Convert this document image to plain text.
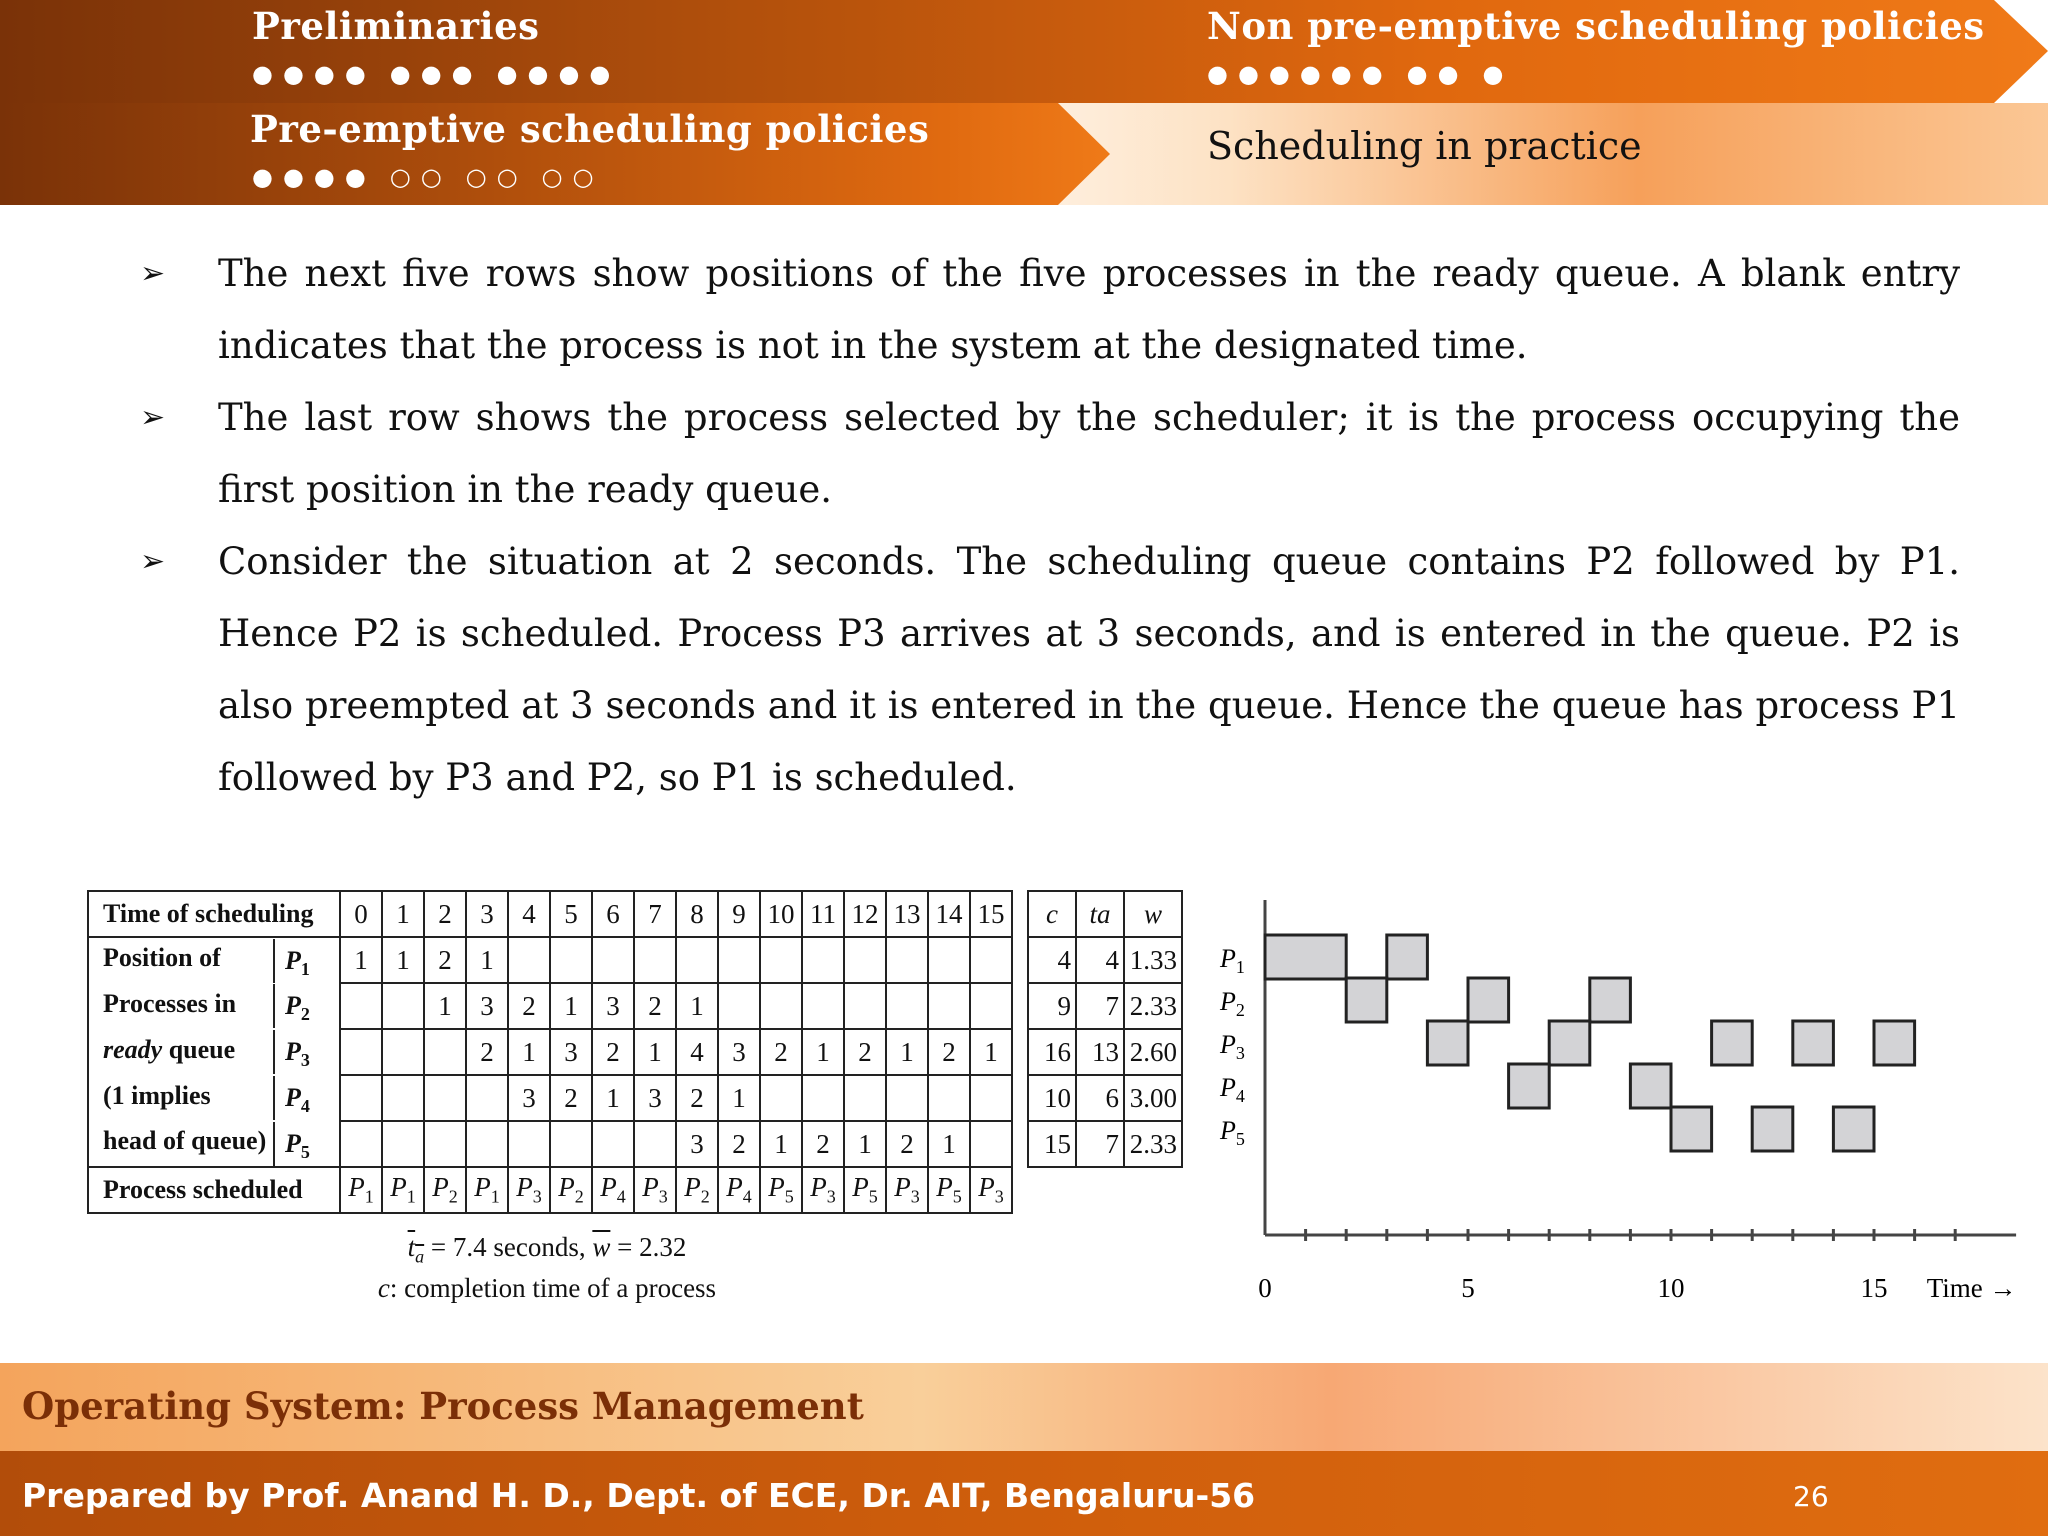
Preliminaries
●●●● ●●● ●●●●
Non pre-emptive scheduling policies
●●●●●● ●● ●
Pre-emptive scheduling policies
●●●● ○○ ○○ ○○
Scheduling in practice
➢ The next five rows show positions of the five processes in the ready queue. A blank entry indicates that the process is not in the system at the designated time.
➢ The last row shows the process selected by the scheduler; it is the process occupying the first position in the ready queue.
➢ Consider the situation at 2 seconds. The scheduling queue contains P2 followed by P1. Hence P2 is scheduled. Process P3 arrives at 3 seconds, and is entered in the queue. P2 is also preempted at 3 seconds and it is entered in the queue. Hence the queue has process P1 followed by P3 and P2, so P1 is scheduled.
Time of scheduling	0	1	2	3	4	5	6	7	8	9	10	11	12	13	14	15		c	ta	w
Position of $P_1$	1	1	2	1														4	4	1.33
Processes in $P_2$			1	3	2	1	3	2	1									9	7	2.33
ready queue $P_3$				2	1	3	2	1	4	3	2	1	2	1	2	1		16	13	2.60
(1 implies $P_4$					3	2	1	3	2	1								10	6	3.00
head of queue) $P_5$									3	2	1	2	1	2	1			15	7	2.33
Process scheduled	$P_1$	$P_1$	$P_2$	$P_1$	$P_3$	$P_2$	$P_4$	$P_3$	$P_2$	$P_4$	$P_5$	$P_3$	$P_5$	$P_3$	$P_5$	$P_3$
$t_a = 7.4$ seconds, $\overline{w} = 2.32$
c: completion time of a process	0	5	10	15 Time →
$P_1$
$P_2$
$P_3$
$P_4$
$P_5$
Operating System: Process Management
Prepared by Prof. Anand H. D., Dept. of ECE, Dr. AIT, Bengaluru-56	26
